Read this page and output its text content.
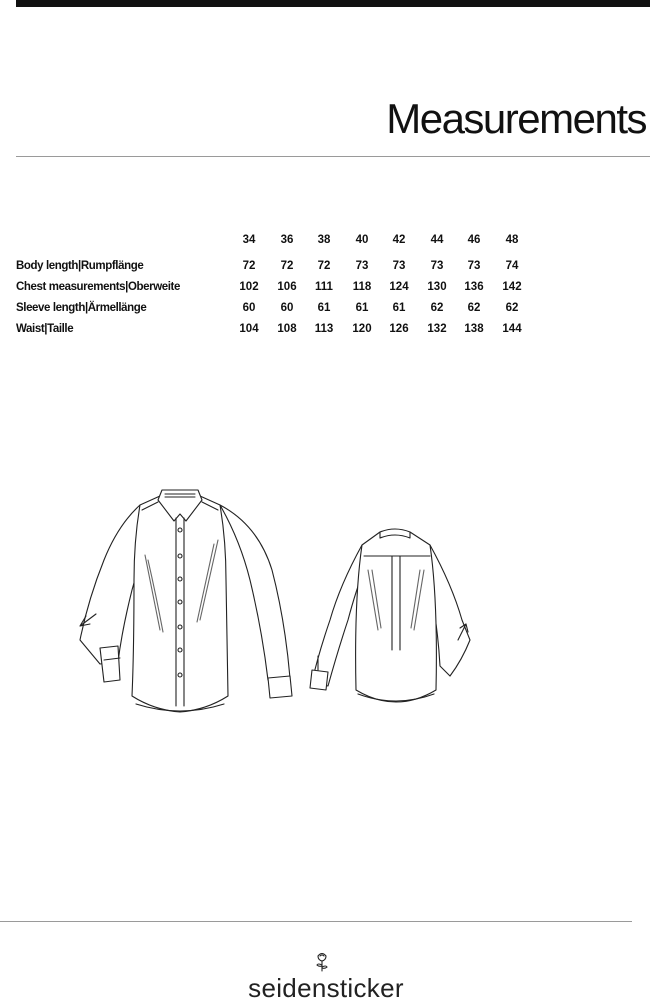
Measurements
34	36	38	40	42	44	46	48
Body length|Rumpflänge	72	72	72	73	73	73	73	74
Chest measurements|Oberweite	102	106	111	118	124	130	136	142
Sleeve length|Ärmellänge	60	60	61	61	61	62	62	62
Waist|Taille	104	108	113	120	126	132	138	144
seidensticker
